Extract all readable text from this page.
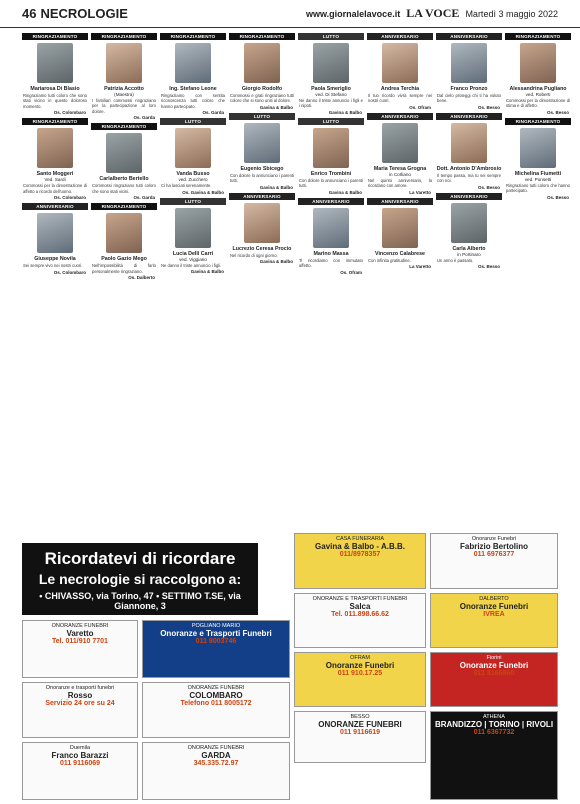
46 NECROLOGIE	www.giornalelavoce.it LA VOCE Martedì 3 maggio 2022
RINGRAZIAMENTO
Mariarosa Di Blasio
Ringraziamo tutti coloro che sono stati vicino in questo doloroso momento.
Os. Colombaro
RINGRAZIAMENTO
Santo Moggeri
Ved. Sardi
Commossi per la dimostrazione di affetto a ricordo dell'uomo.
Os. Colombaro
ANNIVERSARIO
Giuseppe Novila
Sei sempre vivo nei nostri cuori.
Os. Colombaro
RINGRAZIAMENTO
Patrizia Accotto
(Maestra)
I familiari commossi ringraziano per la partecipazione al loro dolore.
Os. Garda
RINGRAZIAMENTO
Carlalberto Bertello
Commossi ringraziano tutti coloro che sono stati vicini.
Os. Garda
RINGRAZIAMENTO
Paolo Gazio Mego
Nell'impossibilità di farlo personalmente ringraziano.
Os. Dalberto
RINGRAZIAMENTO
Ing. Stefano Leone
Ringraziamo con sentita riconoscenza tutti coloro che hanno partecipato.
Os. Garda
LUTTO
Vanda Busso
ved. Zucchero
Ci ha lasciati serenamente.
Os. Gavina & Balbo
LUTTO
Lucia Delli Carri
ved. Viggiano
Ne danno il triste annuncio i figli.
Gavina & Balbo
RINGRAZIAMENTO
Giorgio Rodolfo
Commossi e grati ringraziano tutti coloro che si sono uniti al dolore.
Gavina & Balbo
LUTTO
Eugenio Sbicego
Con dolore lo annunciano i parenti tutti.
Gavina & Balbo
ANNIVERSARIO
Lucrezio Ceresa Procio
Nel ricordo di ogni giorno.
Gavina & Balbo
LUTTO
Paola Smeriglio
ved. Di Stefano
Ne danno il triste annuncio i figli e i nipoti.
Gavina & Balbo
LUTTO
Enrico Trombini
Con dolore lo annunciano i parenti tutti.
Gavina & Balbo
ANNIVERSARIO
Marino Massa
Ti ricordiamo con immutato affetto.
Os. Ofram
ANNIVERSARIO
Andrea Terchia
Il tuo ricordo vivrà sempre nei nostri cuori.
Os. Ofram
ANNIVERSARIO
Maria Teresa Grogna
in Corliano
Nel quinto anniversario, la ricordano con amore.
La Varetto
ANNIVERSARIO
Vincenzo Calabrese
Con infinita gratitudine.
La Varetto
ANNIVERSARIO
Franco Pronzo
Dal cielo proteggi chi ti ha voluto bene.
Os. Besso
ANNIVERSARIO
Dott. Antonio D'Ambrosio
Il tempo passa, ma tu sei sempre con noi.
Os. Besso
ANNIVERSARIO
Carla Alberto
in Portinaro
Un anno è passato.
Os. Besso
RINGRAZIAMENTO
Alessandrina Pugliano
ved. Roberti
Commossi per la dimostrazione di stima e di affetto.
Os. Besso
RINGRAZIAMENTO
Michelina Fiumetti
ved. Ponsetti
Ringraziano tutti coloro che hanno partecipato.
Os. Besso
Ricordatevi di ricordare
Le necrologie si raccolgono a:
• CHIVASSO, via Torino, 47 • SETTIMO T.SE, via Giannone, 3
CASA FUNERARIA
Gavina & Balbo - A.B.B.
011/8978357
Onoranze Funebri
Fabrizio Bertolino
011 6976377
ONORANZE FUNEBRI
Varetto
Tel. 011/910 7701
POGLIANO MARIO
Onoranze e Trasporti Funebri
011 8003746
ONORANZE E TRASPORTI FUNEBRI
Salca
Tel. 011.898.66.62
DALBERTO
Onoranze Funebri
IVREA
Onoranze e trasporti funebri
Rosso
Servizio 24 ore su 24
ONORANZE FUNEBRI
COLOMBARO
Telefono 011 8005172
OFRAM
Onoranze Funebri
011 910.17.25
Fiorini
Onoranze Funebri
011 8166860
Duemila
Franco Barazzi
011 9116069
ONORANZE FUNEBRI
GARDA
345.335.72.97
BESSO
ONORANZE FUNEBRI
011 9116619
ATHENA
BRANDIZZO | TORINO | RIVOLI
011 6367732
